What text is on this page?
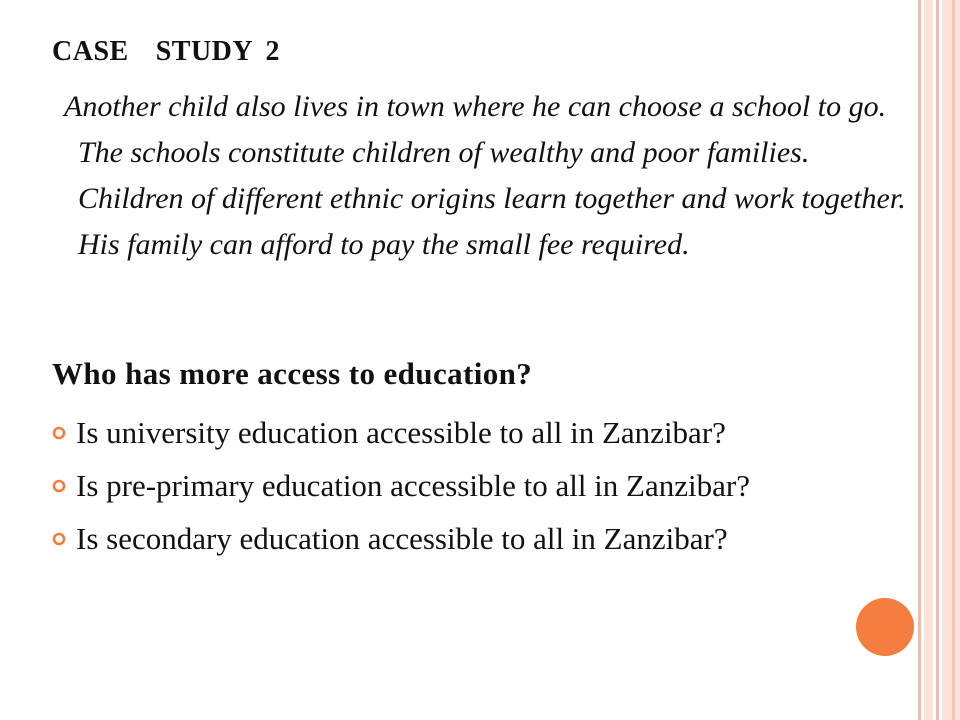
CASE  STUDY 2

Another child also lives in town where he can choose a school to go. The schools constitute children of wealthy and poor families. Children of different ethnic origins learn together and work together. His family can afford to pay the small fee required.

Who has more access to education?
Is university education accessible to all in Zanzibar?
Is pre-primary education accessible to all in Zanzibar?
Is secondary education accessible to all in Zanzibar?
